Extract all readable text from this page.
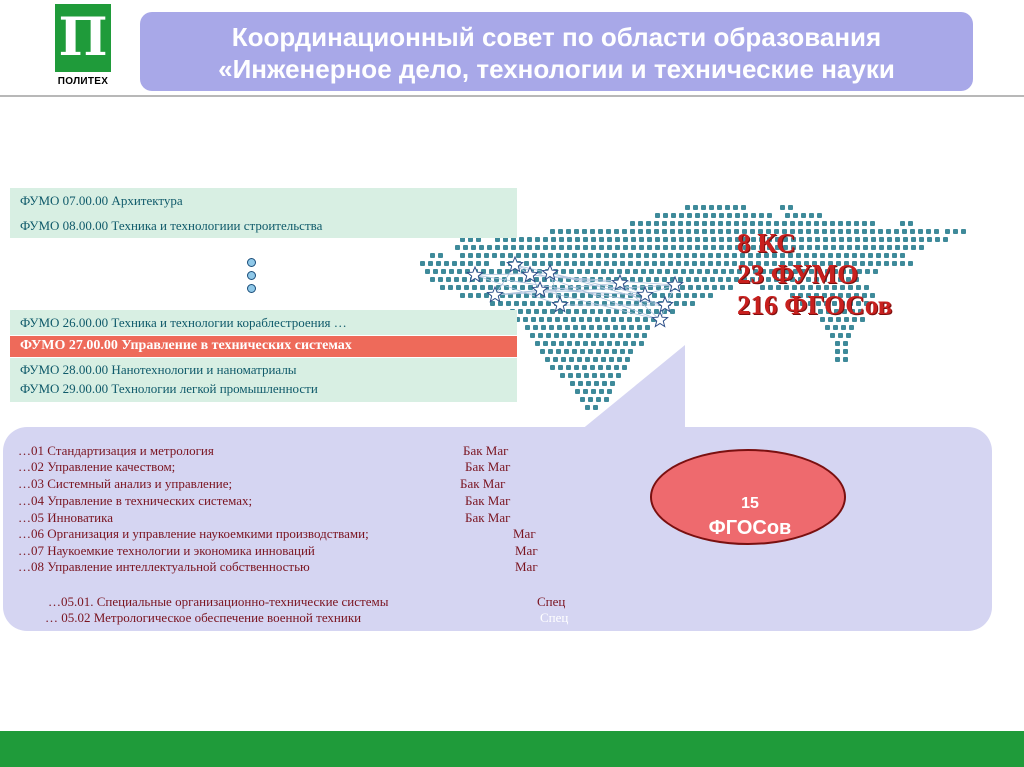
П
ПОЛИТЕХ
Координационный совет по области образования
«Инженерное дело, технологии и технические науки
8 КС
23 ФУМО
216 ФГОСов
ФУМО 07.00.00 Архитектура
ФУМО 08.00.00 Техника и технологиии строительства
ФУМО 26.00.00 Техника и технологии кораблестроения …
ФУМО 27.00.00 Управление в технических системах
ФУМО 28.00.00 Нанотехнологии и наноматриалы
ФУМО 29.00.00 Технологии легкой промышленности
…01 Стандартизация и метрология	Бак Маг
…02 Управление качеством;	Бак Маг
…03 Системный анализ и управление;	Бак Маг
…04 Управление в технических системах;	Бак Маг
…05 Инноватика	Бак Маг
…06 Организация и управление наукоемкими производствами;	Маг
…07 Наукоемкие технологии и экономика инноваций	Маг
…08 Управление интеллектуальной собственностью	Маг
…05.01. Специальные организационно-технические системы	Спец
… 05.02 Метрологическое обеспечение военной техники	Спец
15
ФГОСов
